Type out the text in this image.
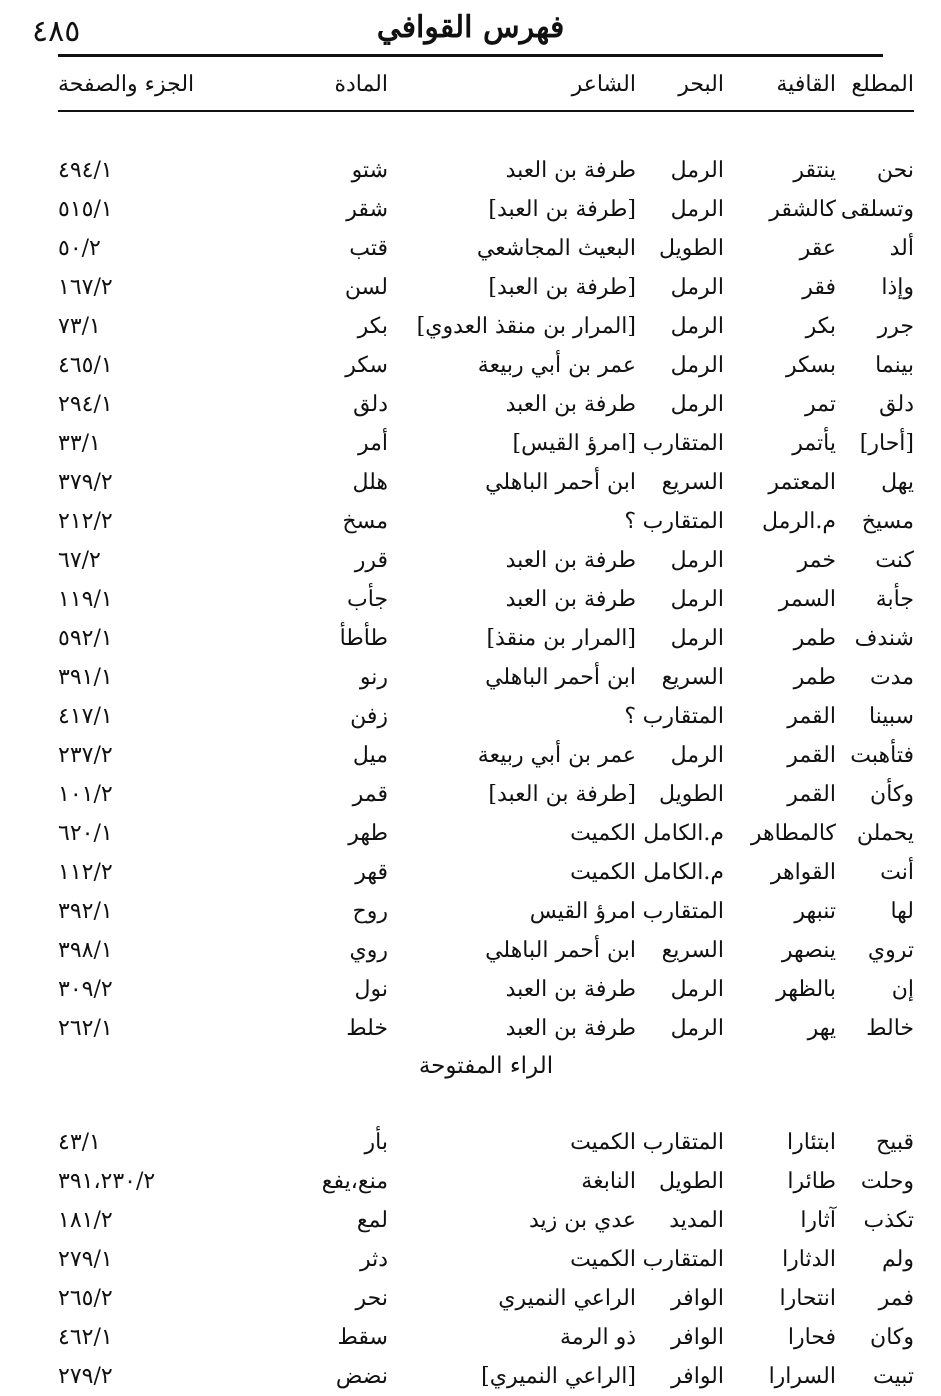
٤٨٥	فهرس القوافي
المطلع	القافية	البحر	الشاعر	المادة	الجزء والصفحة

نحن	ينتقر	الرمل	طرفة بن العبد	شتو	٤٩٤/١
وتسلقى	كالشقر	الرمل	[طرفة بن العبد]	شقر	٥١٥/١
ألد	عقر	الطويل	البعيث المجاشعي	قتب	٥٠/٢
وإذا	فقر	الرمل	[طرفة بن العبد]	لسن	١٦٧/٢
جرر	بكر	الرمل	[المرار بن منقذ العدوي]	بكر	٧٣/١
بينما	بسكر	الرمل	عمر بن أبي ربيعة	سكر	٤٦٥/١
دلق	تمر	الرمل	طرفة بن العبد	دلق	٢٩٤/١
[أحار]	يأتمر	المتقارب	[امرؤ القيس]	أمر	٣٣/١
يهل	المعتمر	السريع	ابن أحمر الباهلي	هلل	٣٧٩/٢
مسيخ	م.الرمل	المتقارب	؟	مسخ	٢١٢/٢
كنت	خمر	الرمل	طرفة بن العبد	قرر	٦٧/٢
جأبة	السمر	الرمل	طرفة بن العبد	جأب	١١٩/١
شندف	طمر	الرمل	[المرار بن منقذ]	طأطأ	٥٩٢/١
مدت	طمر	السريع	ابن أحمر الباهلي	رنو	٣٩١/١
سبينا	القمر	المتقارب	؟	زفن	٤١٧/١
فتأهبت	القمر	الرمل	عمر بن أبي ربيعة	ميل	٢٣٧/٢
وكأن	القمر	الطويل	[طرفة بن العبد]	قمر	١٠١/٢
يحملن	كالمطاهر	م.الكامل	الكميت	طهر	٦٢٠/١
أنت	القواهر	م.الكامل	الكميت	قهر	١١٢/٢
لها	تنبهر	المتقارب	امرؤ القيس	روح	٣٩٢/١
تروي	ينصهر	السريع	ابن أحمر الباهلي	روي	٣٩٨/١
إن	بالظهر	الرمل	طرفة بن العبد	نول	٣٠٩/٢
خالط	يهر	الرمل	طرفة بن العبد	خلط	٢٦٢/١
الراء المفتوحة					

قبيح	ابتئارا	المتقارب	الكميت	بأر	٤٣/١
وحلت	طائرا	الطويل	النابغة	منع،يفع	٣٩١،٢٣٠/٢
تكذب	آثارا	المديد	عدي بن زيد	لمع	١٨١/٢
ولم	الدثارا	المتقارب	الكميت	دثر	٢٧٩/١
فمر	انتحارا	الوافر	الراعي النميري	نحر	٢٦٥/٢
وكان	فحارا	الوافر	ذو الرمة	سقط	٤٦٢/١
تبيت	السرارا	الوافر	[الراعي النميري]	نضض	٢٧٩/٢
